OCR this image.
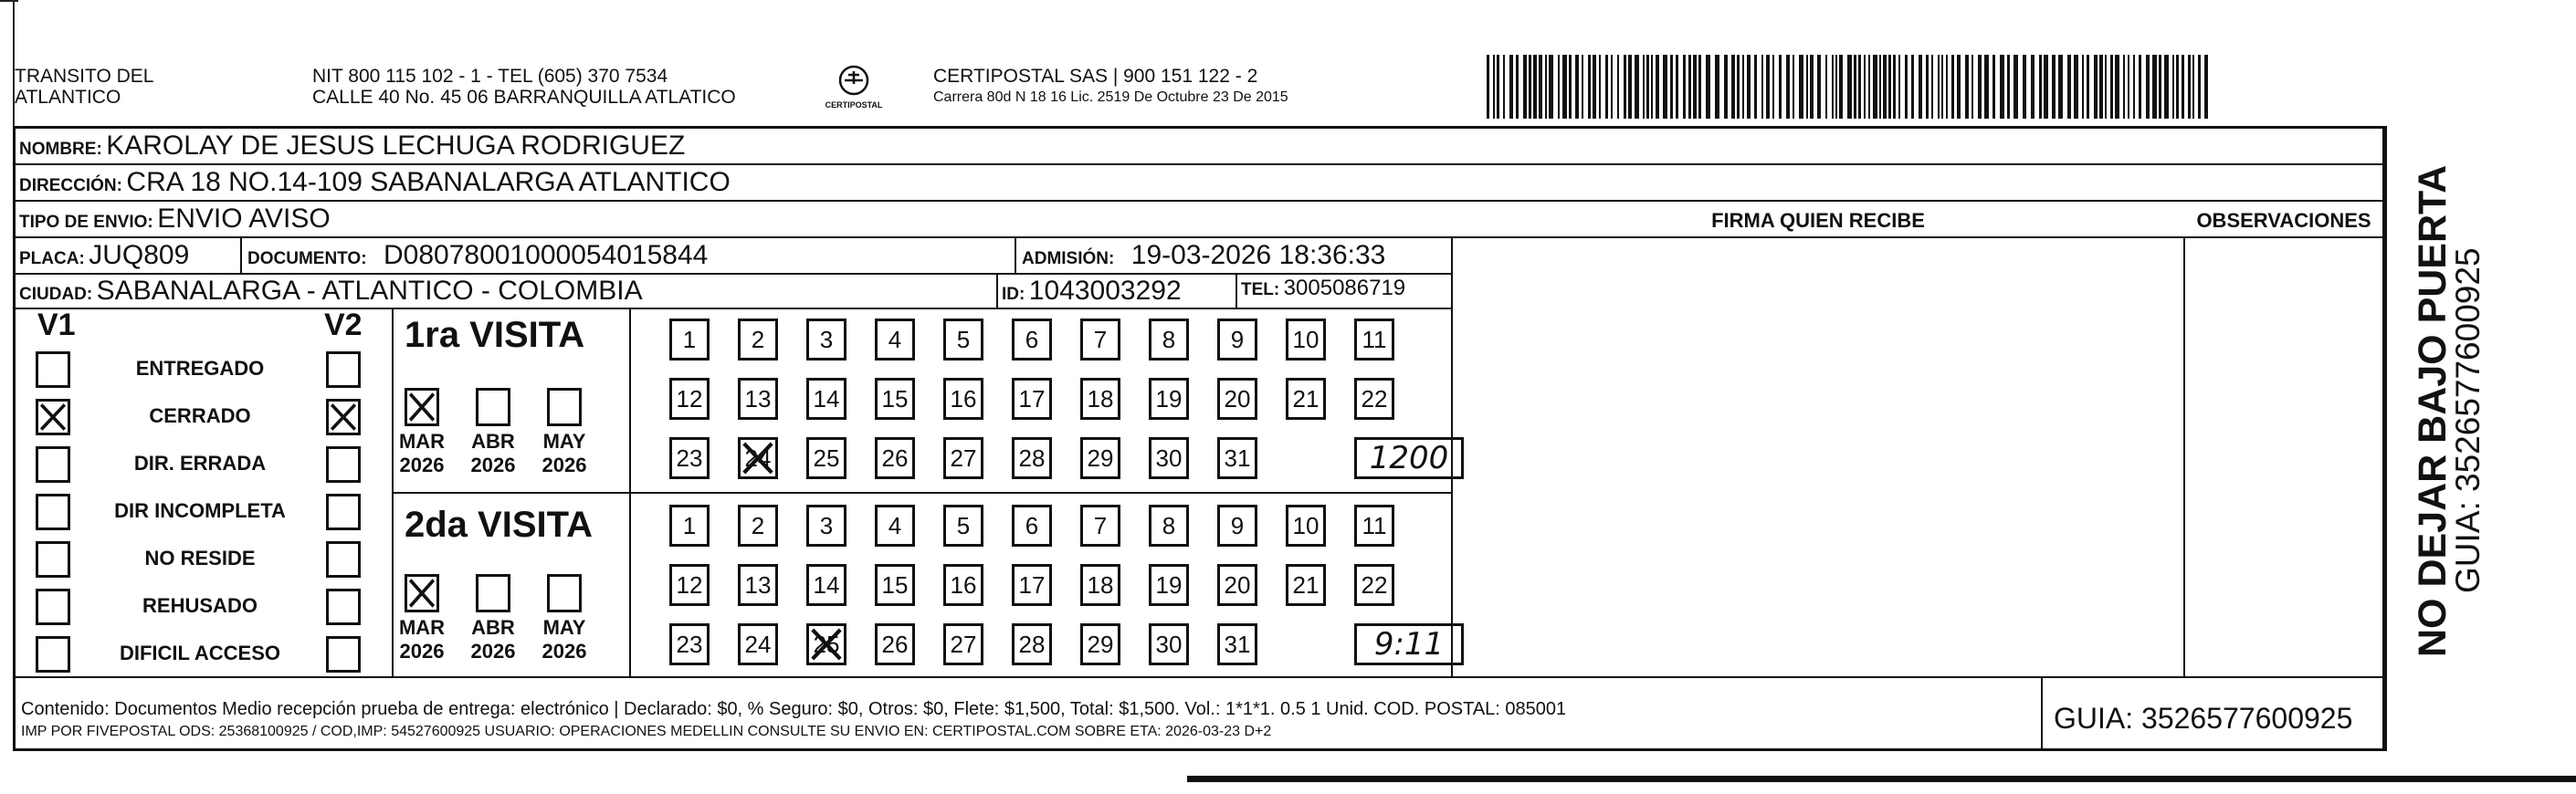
TRANSITO DEL
ATLANTICO
NIT 800 115 102 - 1 - TEL (605) 370 7534
CALLE 40 No. 45 06 BARRANQUILLA ATLATICO	CERTIPOSTAL
CERTIPOSTAL SAS | 900 151 122 - 2
Carrera 80d N 18 16 Lic. 2519 De Octubre 23 De 2015
NOMBRE: KAROLAY DE JESUS LECHUGA RODRIGUEZ
DIRECCIÓN: CRA 18 NO.14-109 SABANALARGA ATLANTICO
TIPO DE ENVIO: ENVIO AVISO	FIRMA QUIEN RECIBE	OBSERVACIONES
PLACA: JUQ809	DOCUMENTO: D08078001000054015844	ADMISIÓN: 19-03-2026 18:36:33
CIUDAD: SABANALARGA - ATLANTICO - COLOMBIA	ID: 1043003292	TEL: 3005086719
V1	V2
ENTREGADO
CERRADO
DIR. ERRADA
DIR INCOMPLETA
NO RESIDE
REHUSADO
DIFICIL ACCESO
1ra VISITA
MAR
2026
ABR
2026
MAY
2026
1	2	3	4	5	6	7	8	9	10	11
12 13 14 15 16 17 18 19 20 21 22
23 24 25 26 27 28 29 30 31	1200
2da VISITA
MAR
2026
ABR
2026
MAY
2026
1	2	3	4	5	6	7	8	9	10	11
12 13 14 15 16 17 18 19 20 21 22
23 24 25 26 27 28 29 30 31	9:11
Contenido: Documentos Medio recepción prueba de entrega: electrónico | Declarado: $0, % Seguro: $0, Otros: $0, Flete: $1,500, Total: $1,500. Vol.: 1*1*1. 0.5 1 Unid. COD. POSTAL: 085001
IMP POR FIVEPOSTAL ODS: 25368100925 / COD,IMP: 54527600925 USUARIO: OPERACIONES MEDELLIN CONSULTE SU ENVIO EN: CERTIPOSTAL.COM SOBRE ETA: 2026-03-23 D+2	GUIA: 3526577600925
NO DEJAR BAJO PUERTA
GUIA: 3526577600925
